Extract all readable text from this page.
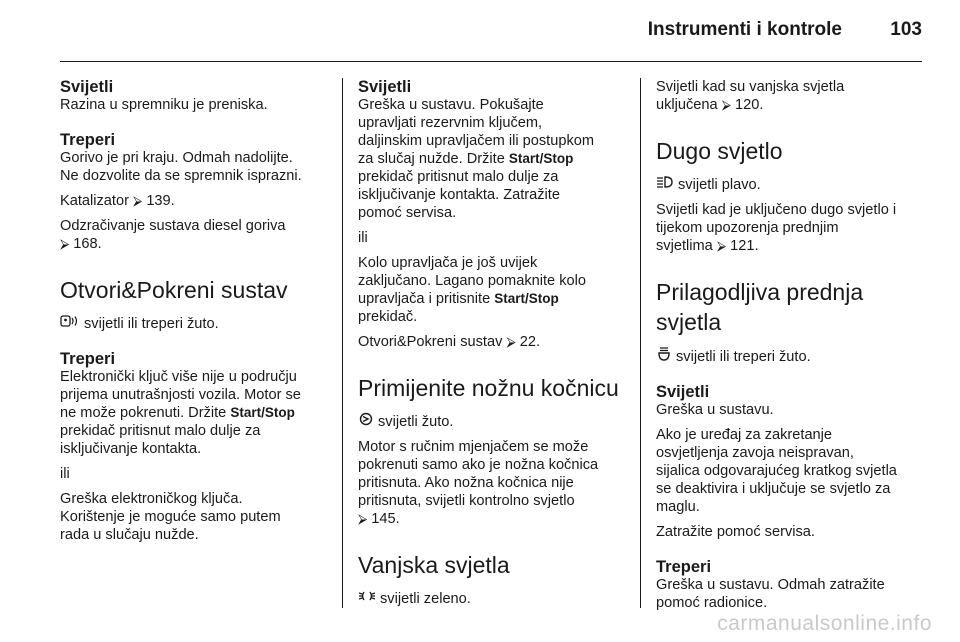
Instrumenti i kontrole	103
Svijetli
Razina u spremniku je preniska.
Treperi
Gorivo je pri kraju. Odmah nadolijte.
Ne dozvolite da se spremnik isprazni.
Katalizator ⮚ 139.
Odzračivanje sustava diesel goriva
⮚ 168.
Otvori&Pokreni sustav
svijetli ili treperi žuto.
Treperi
Elektronički ključ više nije u području
prijema unutrašnjosti vozila. Motor se
ne može pokrenuti. Držite Start/Stop
prekidač pritisnut malo dulje za
isključivanje kontakta.
ili
Greška elektroničkog ključa.
Korištenje je moguće samo putem
rada u slučaju nužde.
Svijetli
Greška u sustavu. Pokušajte
upravljati rezervnim ključem,
daljinskim upravljačem ili postupkom
za slučaj nužde. Držite Start/Stop
prekidač pritisnut malo dulje za
isključivanje kontakta. Zatražite
pomoć servisa.
ili
Kolo upravljača je još uvijek
zaključano. Lagano pomaknite kolo
upravljača i pritisnite Start/Stop
prekidač.
Otvori&Pokreni sustav ⮚ 22.
Primijenite nožnu kočnicu
svijetli žuto.
Motor s ručnim mjenjačem se može
pokrenuti samo ako je nožna kočnica
pritisnuta. Ako nožna kočnica nije
pritisnuta, svijetli kontrolno svjetlo
⮚ 145.
Vanjska svjetla
svijetli zeleno.
Svijetli kad su vanjska svjetla
uključena ⮚ 120.
Dugo svjetlo
svijetli plavo.
Svijetli kad je uključeno dugo svjetlo i
tijekom upozorenja prednjim
svjetlima ⮚ 121.
Prilagodljiva prednja
svjetla
svijetli ili treperi žuto.
Svijetli
Greška u sustavu.
Ako je uređaj za zakretanje
osvjetljenja zavoja neispravan,
sijalica odgovarajućeg kratkog svjetla
se deaktivira i uključuje se svjetlo za
maglu.
Zatražite pomoć servisa.
Treperi
Greška u sustavu. Odmah zatražite
pomoć radionice.
carmanualsonline.info
